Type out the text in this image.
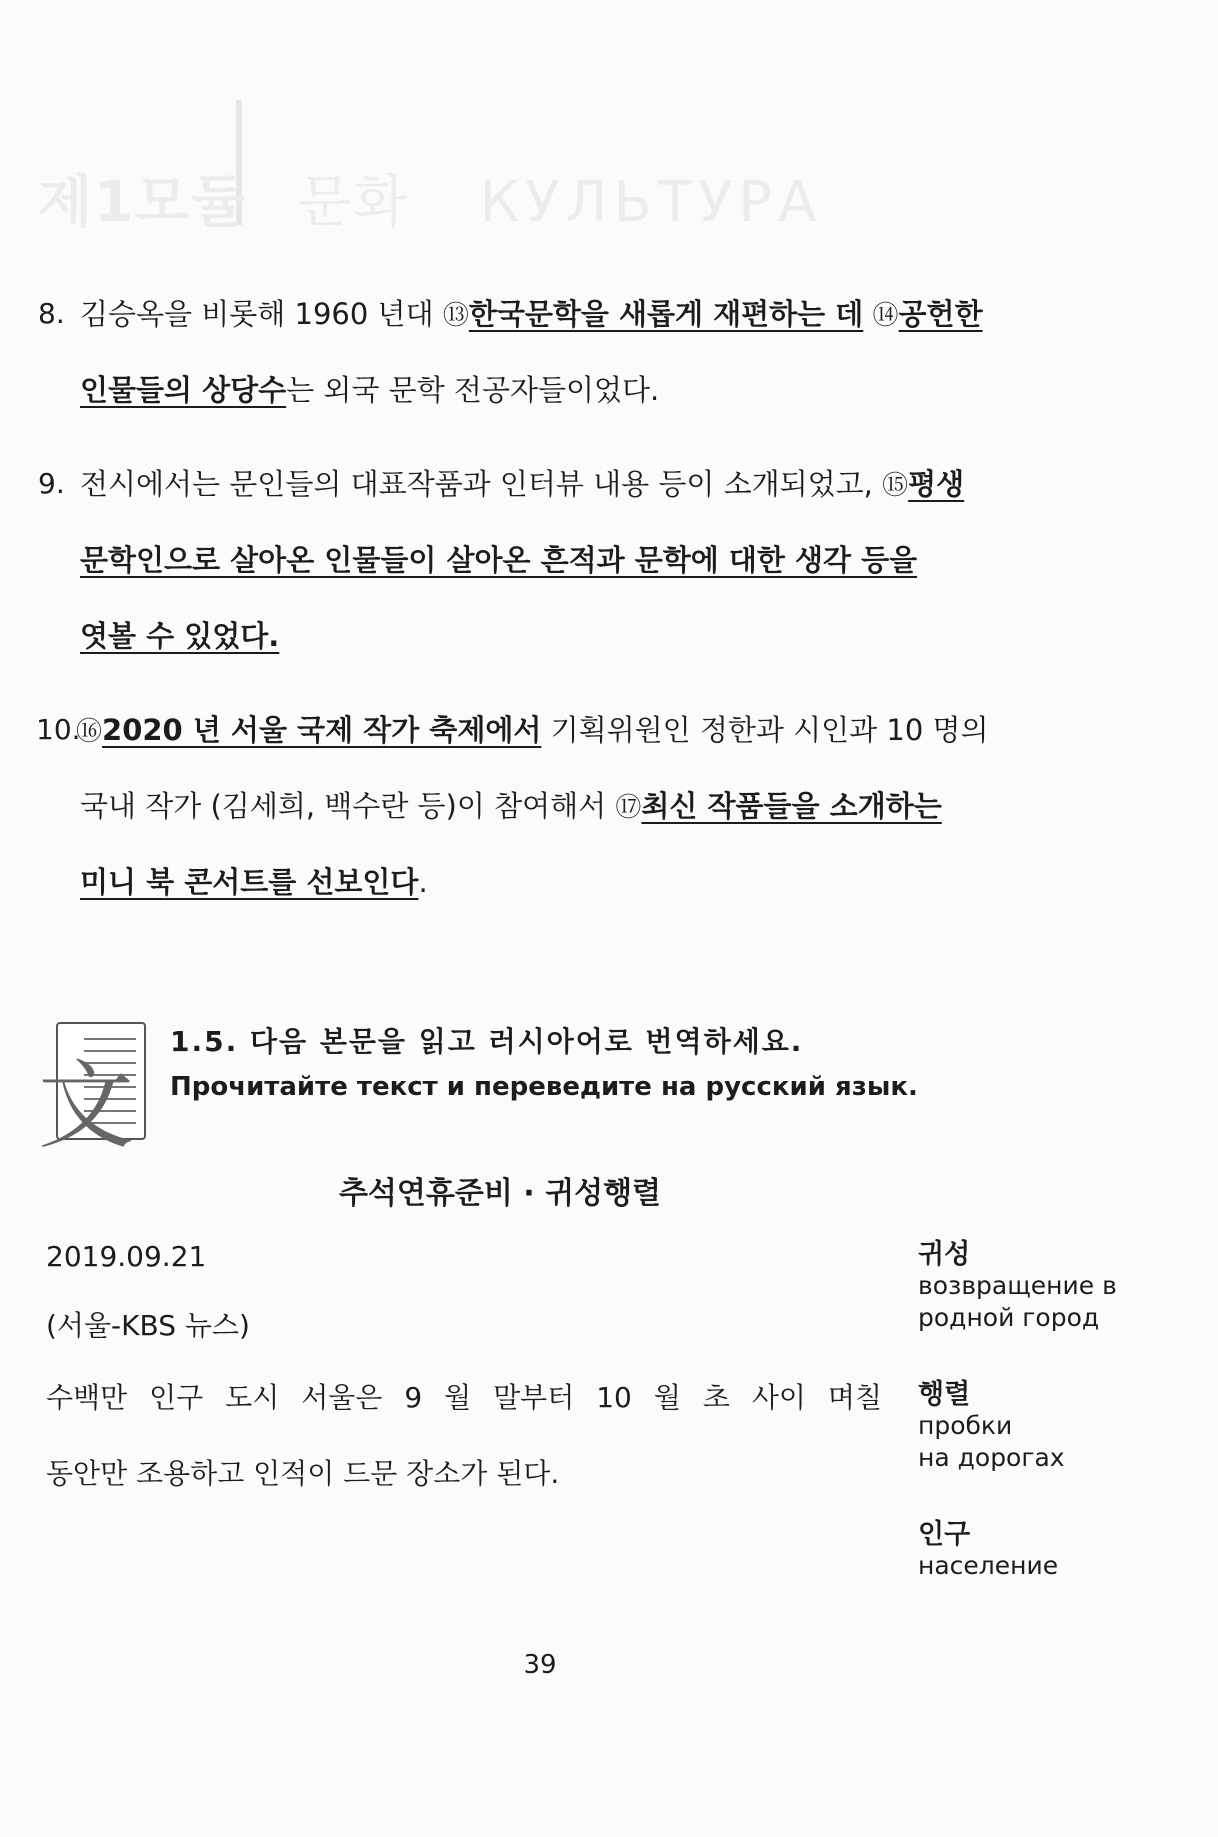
제1모듈 문화 КУЛЬТУРА
8. 김승옥을 비롯해 1960 년대 ⑬한국문학을 새롭게 재편하는 데 ⑭공헌한
인물들의 상당수는 외국 문학 전공자들이었다.
9. 전시에서는 문인들의 대표작품과 인터뷰 내용 등이 소개되었고, ⑮평생
문학인으로 살아온 인물들이 살아온 흔적과 문학에 대한 생각 등을
엿볼 수 있었다.
10.
⑯2020 년 서울 국제 작가 축제에서 기획위원인 정한과 시인과 10 명의
국내 작가 (김세희, 백수란 등)이 참여해서 ⑰최신 작품들을 소개하는
미니 북 콘서트를 선보인다.
文
1.5. 다음 본문을 읽고 러시아어로 번역하세요.
Прочитайте текст и переведите на русский язык.
추석연휴준비 · 귀성행렬
2019.09.21
(서울-KBS 뉴스)
수백만 인구 도시 서울은 9 월 말부터 10 월 초 사이 며칠
동안만 조용하고 인적이 드문 장소가 된다.
귀성
возвращение в
родной город
행렬
пробки
на дорогах
인구
население
39
